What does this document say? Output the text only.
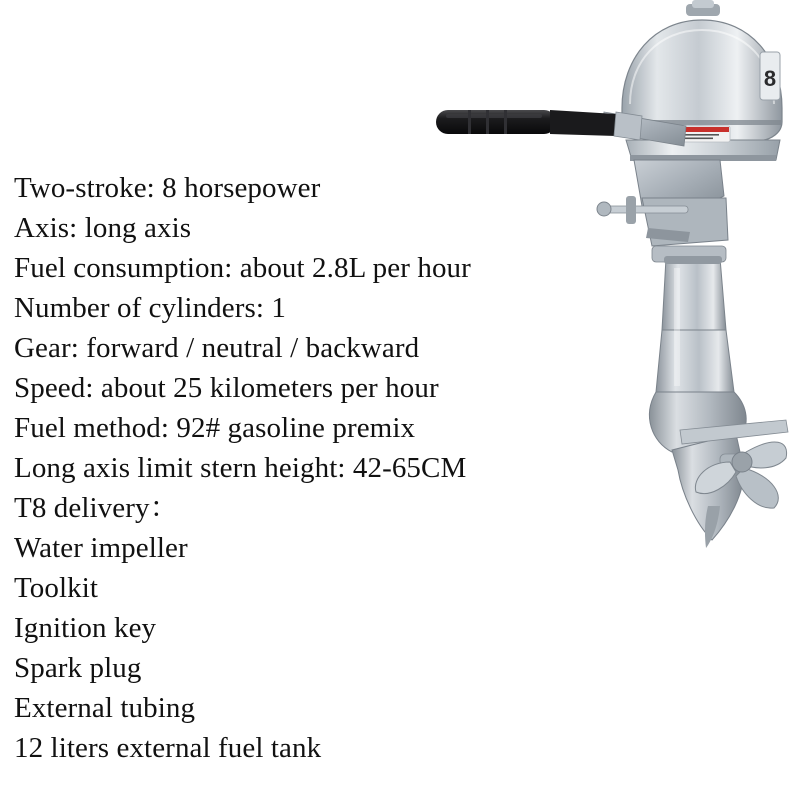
8
Two-stroke: 8 horsepower
Axis: long axis
Fuel consumption: about 2.8L per hour
Number of cylinders: 1
Gear: forward / neutral / backward
Speed: about 25 kilometers per hour
Fuel method: 92# gasoline premix
Long axis limit stern height: 42-65CM
T8 delivery：
Water impeller
Toolkit
Ignition key
Spark plug
External tubing
12 liters external fuel tank
